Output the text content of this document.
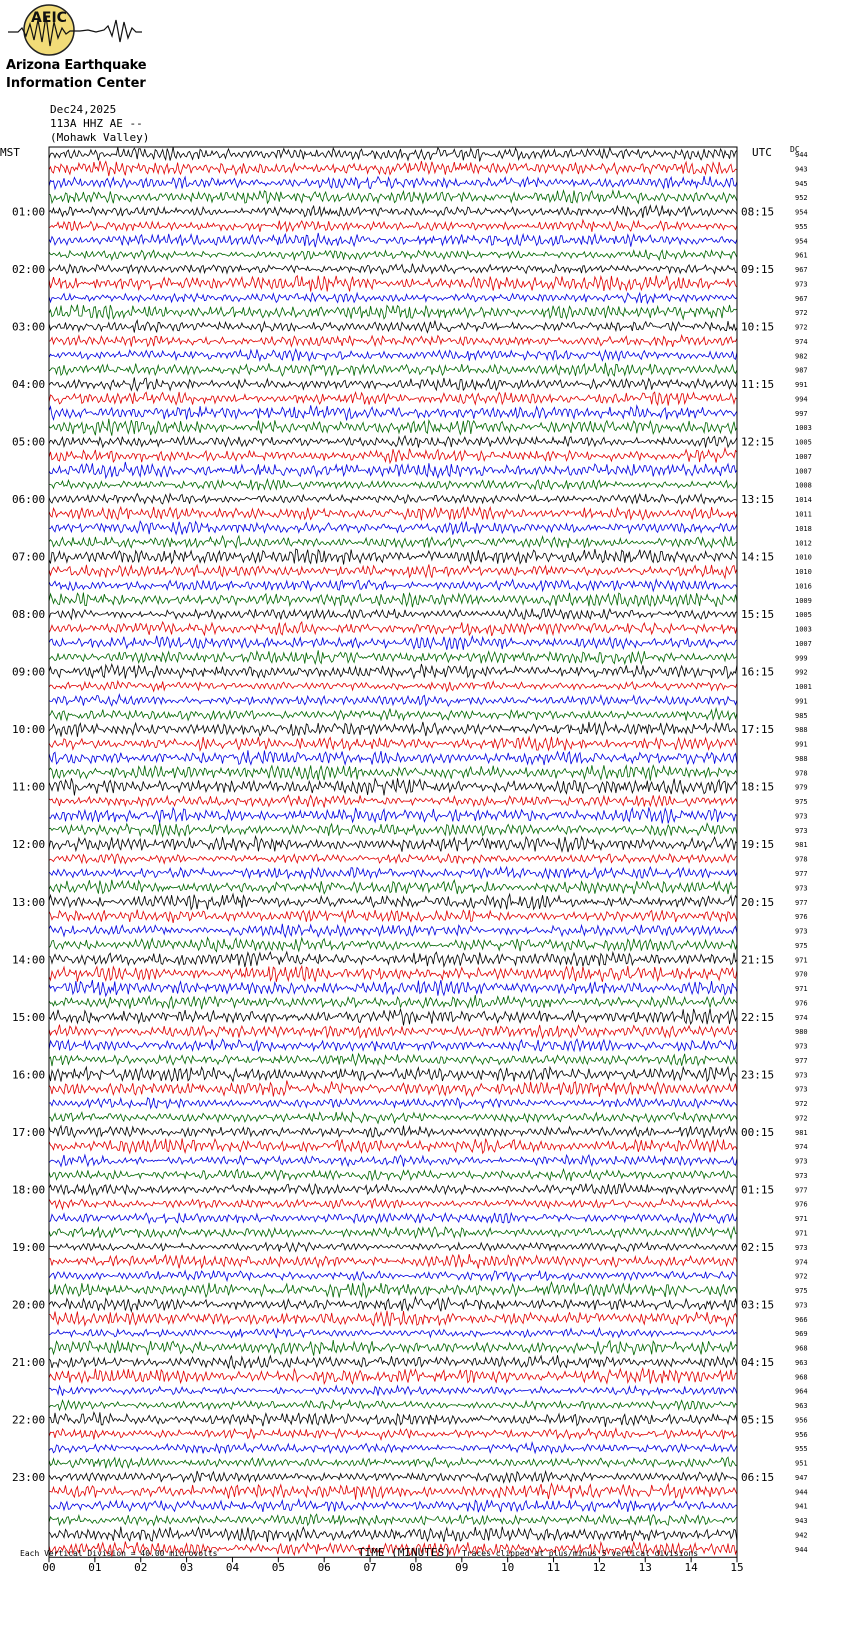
AEIC
Arizona Earthquake
Information Center
Dec24,2025
113A HHZ AE --
(Mohawk Valley)
MST	UTC DC
00	01	02	03	04	05	06	07	08	09	10	11	12	13	14	15
01:00	08:15
02:00	09:15
03:00	10:15
04:00	11:15
05:00	12:15
06:00	13:15
07:00	14:15
08:00	15:15
09:00	16:15
10:00	17:15
11:00	18:15
12:00	19:15
13:00	20:15
14:00	21:15
15:00	22:15
16:00	23:15
17:00	00:15
18:00	01:15
19:00	02:15
20:00	03:15
21:00	04:15
22:00	05:15
23:00	06:15
944
943
945
952
954
955
954
961
967
973
967
972
972
974
982
987
991
994
997
1003
1005
1007
1007
1008
1014
1011
1018
1012
1010
1010
1016
1009
1005
1003
1007
999
992
1001
991
985
988
991
988
978
979
975
973
973
981
978
977
973
977
976
973
975
971
970
971
976
974
980
973
977
973
973
972
972
981
974
973
973
977
976
971
971
973
974
972
975
973
966
969
968
963
968
964
963
956
956
955
951
947
944
941
943
942
944
TIME (MINUTES)
Each Vertical Division = 40.00 microvolts	Traces clipped at plus/minus 5 vertical divisions
